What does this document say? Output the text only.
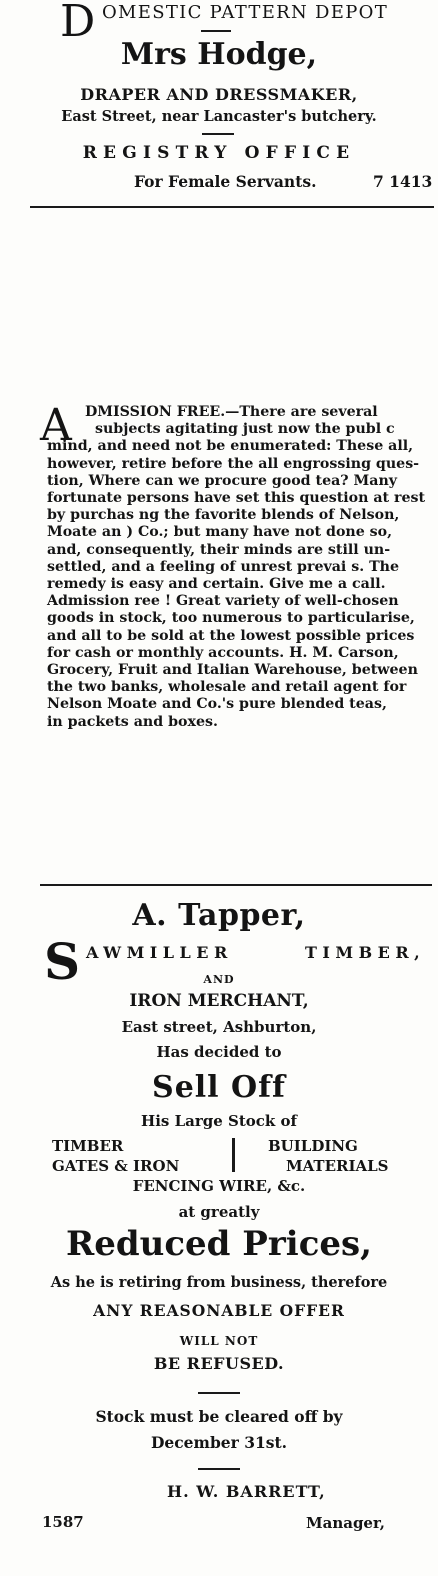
D OMESTIC PATTERN DEPOT
Mrs Hodge,
DRAPER AND DRESSMAKER,
East Street, near Lancaster's butchery.
REGISTRY OFFICE
For Female Servants.	7 1413
A DMISSION FREE.—There are several
subjects agitating just now the publ c
mind, and need not be enumerated: These all,
however, retire before the all engrossing ques-
tion, Where can we procure good tea? Many
fortunate persons have set this question at rest
by purchas ng the favorite blends of Nelson,
Moate an ) Co.; but many have not done so,
and, consequently, their minds are still un-
settled, and a feeling of unrest prevai s. The
remedy is easy and certain. Give me a call.
Admission ree ! Great variety of well-chosen
goods in stock, too numerous to particularise,
and all to be sold at the lowest possible prices
for cash or monthly accounts. H. M. Carson,
Grocery, Fruit and Italian Warehouse, between
the two banks, wholesale and retail agent for
Nelson Moate and Co.'s pure blended teas,
in packets and boxes.
A. Tapper,
S AWMILLER	TIMBER,
AND
IRON MERCHANT,
East street, Ashburton,
Has decided to
Sell Off
His Large Stock of
TIMBER
GATES & IRON
BUILDING
MATERIALS
FENCING WIRE, &c.
at greatly
Reduced Prices,
As he is retiring from business, therefore
ANY REASONABLE OFFER
WILL NOT
BE REFUSED.
Stock must be cleared off by
December 31st.
H. W. BARRETT,
1587	Manager,
